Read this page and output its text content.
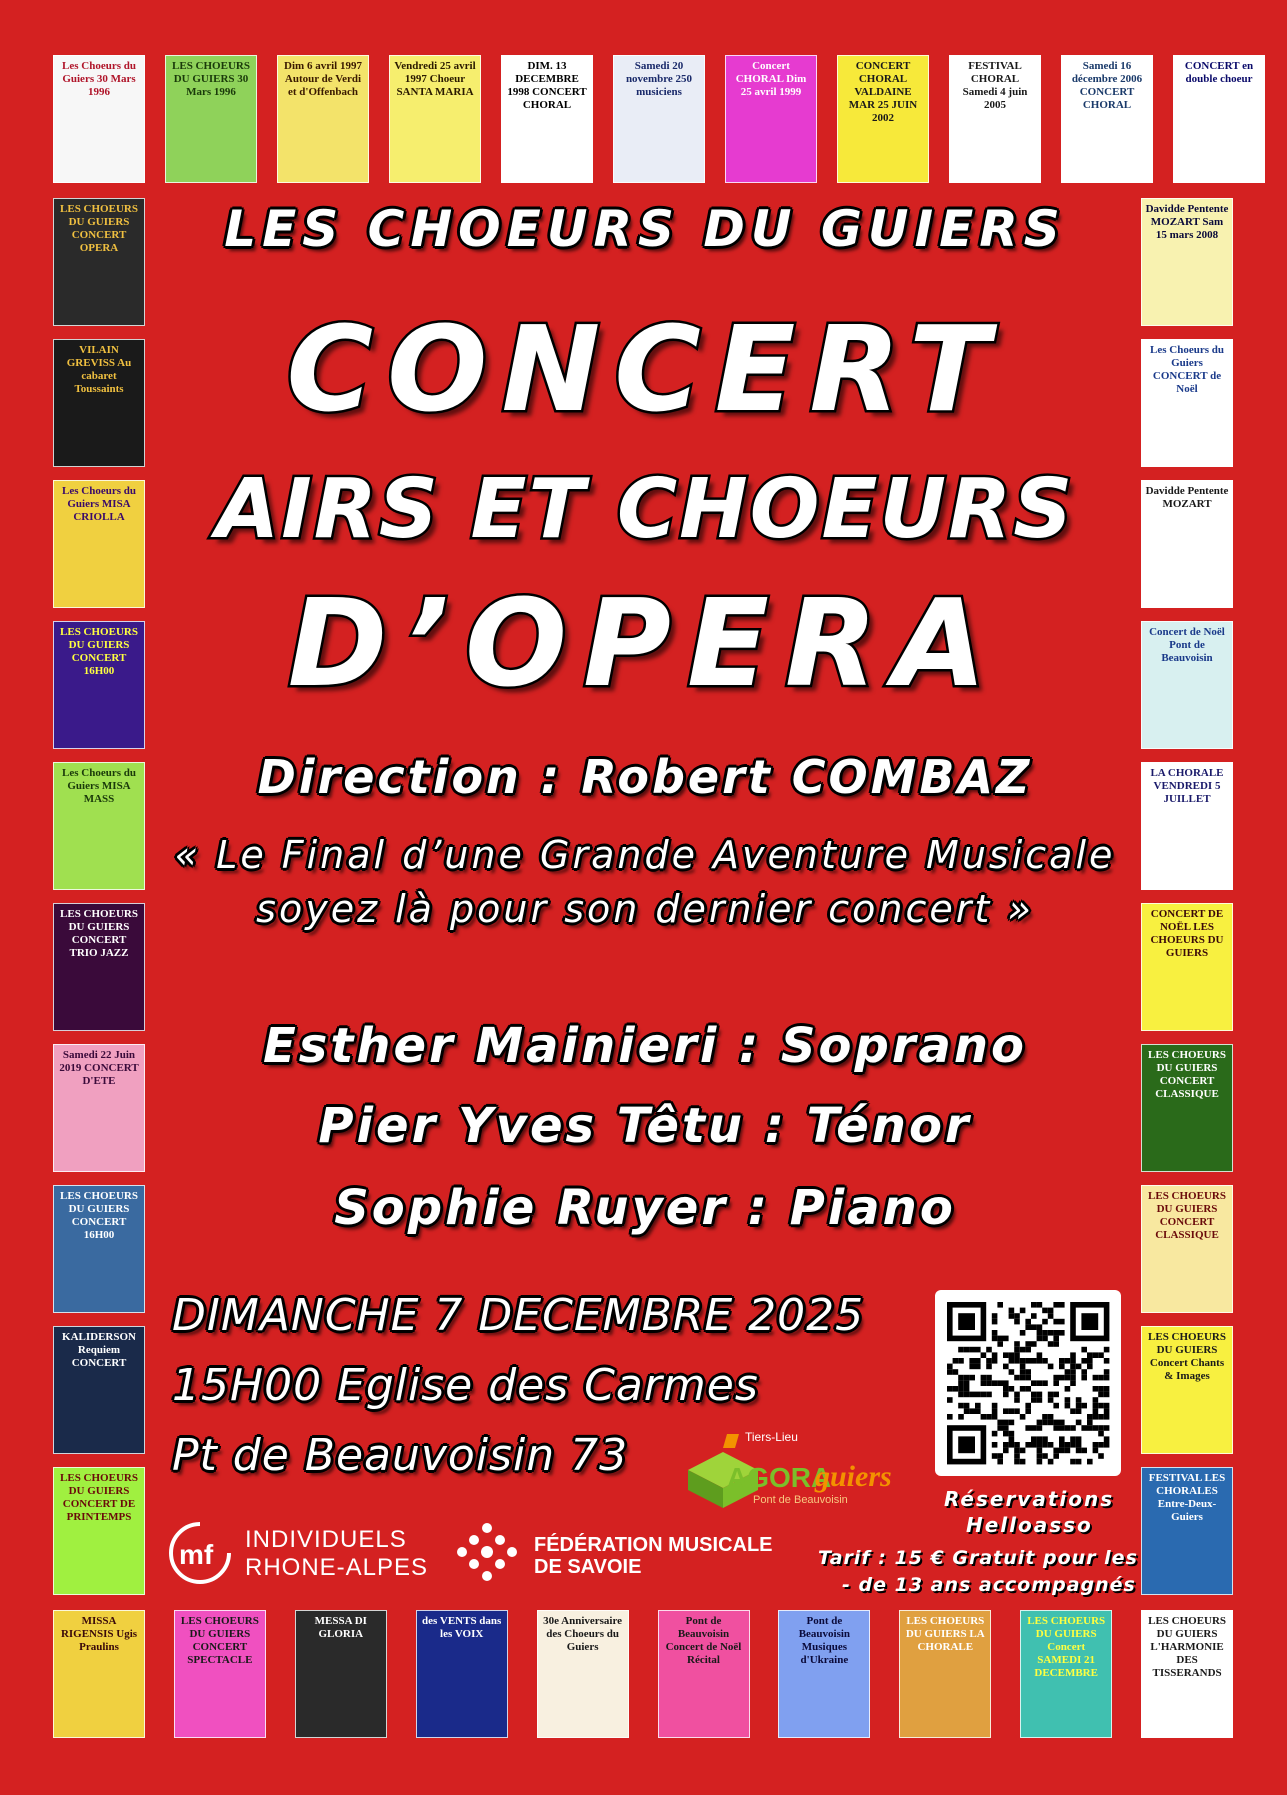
Les Choeurs du Guiers 30 Mars 1996
LES CHOEURS DU GUIERS 30 Mars 1996
Dim 6 avril 1997 Autour de Verdi et d'Offenbach
Vendredi 25 avril 1997 Choeur SANTA MARIA
DIM. 13 DECEMBRE 1998 CONCERT CHORAL
Samedi 20 novembre 250 musiciens
Concert CHORAL Dim 25 avril 1999
CONCERT CHORAL VALDAINE MAR 25 JUIN 2002
FESTIVAL CHORAL Samedi 4 juin 2005
Samedi 16 décembre 2006 CONCERT CHORAL
CONCERT en double choeur
LES CHOEURS DU GUIERS CONCERT OPERA
Davidde Pentente MOZART Sam 15 mars 2008
VILAIN GREVISS Au cabaret Toussaints
Les Choeurs du Guiers CONCERT de Noël
Les Choeurs du Guiers MISA CRIOLLA
Davidde Pentente MOZART
LES CHOEURS DU GUIERS CONCERT 16H00
Concert de Noël Pont de Beauvoisin
Les Choeurs du Guiers MISA MASS
LA CHORALE VENDREDI 5 JUILLET
LES CHOEURS DU GUIERS CONCERT TRIO JAZZ
CONCERT DE NOËL LES CHOEURS DU GUIERS
Samedi 22 Juin 2019 CONCERT D'ETE
LES CHOEURS DU GUIERS CONCERT CLASSIQUE
LES CHOEURS DU GUIERS CONCERT 16H00
LES CHOEURS DU GUIERS CONCERT CLASSIQUE
KALIDERSON Requiem CONCERT
LES CHOEURS DU GUIERS Concert Chants & Images
LES CHOEURS DU GUIERS CONCERT DE PRINTEMPS
FESTIVAL LES CHORALES Entre-Deux-Guiers
MISSA RIGENSIS Ugis Praulins
LES CHOEURS DU GUIERS CONCERT SPECTACLE
MESSA DI GLORIA
des VENTS dans les VOIX
30e Anniversaire des Choeurs du Guiers
Pont de Beauvoisin Concert de Noël Récital
Pont de Beauvoisin Musiques d'Ukraine
LES CHOEURS DU GUIERS LA CHORALE
LES CHOEURS DU GUIERS Concert SAMEDI 21 DECEMBRE
LES CHOEURS DU GUIERS L'HARMONIE DES TISSERANDS
LES CHOEURS DU GUIERS
CONCERT
AIRS ET CHOEURS
D’OPERA
Direction : Robert COMBAZ
« Le Final d’une Grande Aventure Musicale
soyez là pour son dernier concert »
Esther Mainieri : Soprano
Pier Yves Têtu : Ténor
Sophie Ruyer : Piano
DIMANCHE 7 DECEMBRE 2025
15H00 Eglise des Carmes
Pt de Beauvoisin 73
Réservations
Helloasso
Tarif : 15 € Gratuit pour les
- de 13 ans accompagnés
Tiers-Lieu
AGORA
guiers
Pont de Beauvoisin
mf INDIVIDUELS
RHONE-ALPES
FÉDÉRATION MUSICALE
DE SAVOIE
